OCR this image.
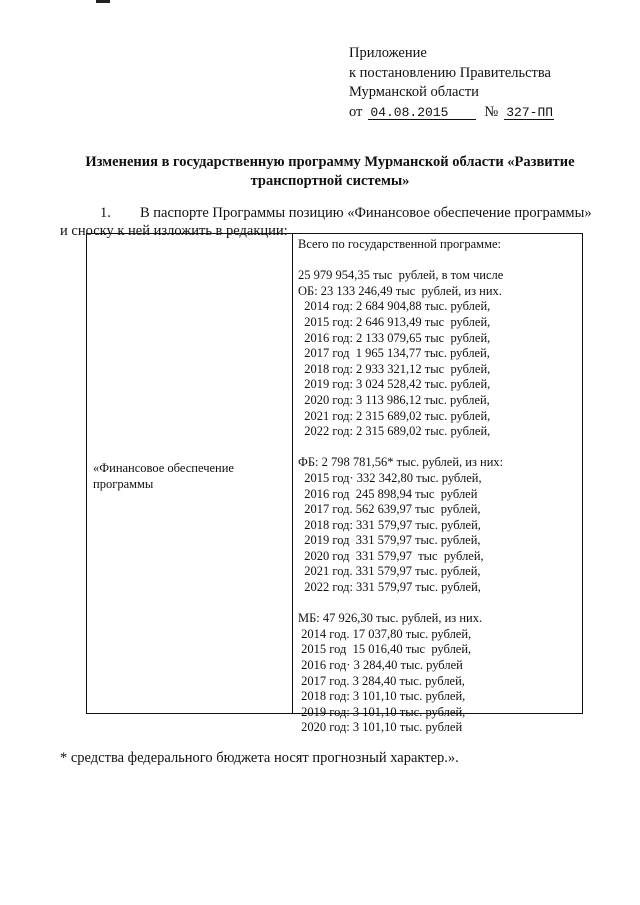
Приложение
к постановлению Правительства
Мурманской области
от 04.08.2015 № 327-ПП
Изменения в государственную программу Мурманской области «Развитие
транспортной системы»
1. В паспорте Программы позицию «Финансовое обеспечение программы»
и сноску к ней изложить в редакции:
«Финансовое обеспечение программы
Всего по государственной программе:
25 979 954,35 тыс  рублей, в том числе
ОБ: 23 133 246,49 тыс  рублей, из них.
2014 год: 2 684 904,88 тыс. рублей,
2015 год: 2 646 913,49 тыс  рублей,
2016 год: 2 133 079,65 тыс  рублей,
2017 год  1 965 134,77 тыс. рублей,
2018 год: 2 933 321,12 тыс  рублей,
2019 год: 3 024 528,42 тыс. рублей,
2020 год: 3 113 986,12 тыс. рублей,
2021 год: 2 315 689,02 тыс. рублей,
2022 год: 2 315 689,02 тыс. рублей,
ФБ: 2 798 781,56* тыс. рублей, из них:
2015 год· 332 342,80 тыс. рублей,
2016 год  245 898,94 тыс  рублей
2017 год. 562 639,97 тыс  рублей,
2018 год: 331 579,97 тыс. рублей,
2019 год  331 579,97 тыс. рублей,
2020 год  331 579,97  тыс  рублей,
2021 год. 331 579,97 тыс. рублей,
2022 год: 331 579,97 тыс. рублей,
МБ: 47 926,30 тыс. рублей, из них.
2014 год. 17 037,80 тыс. рублей,
2015 год  15 016,40 тыс  рублей,
2016 год· 3 284,40 тыс. рублей
2017 год. 3 284,40 тыс. рублей,
2018 год: 3 101,10 тыс. рублей,
2019 год: 3 101,10 тыс. рублей,
2020 год: 3 101,10 тыс. рублей
* средства федерального бюджета носят прогнозный характер.».
